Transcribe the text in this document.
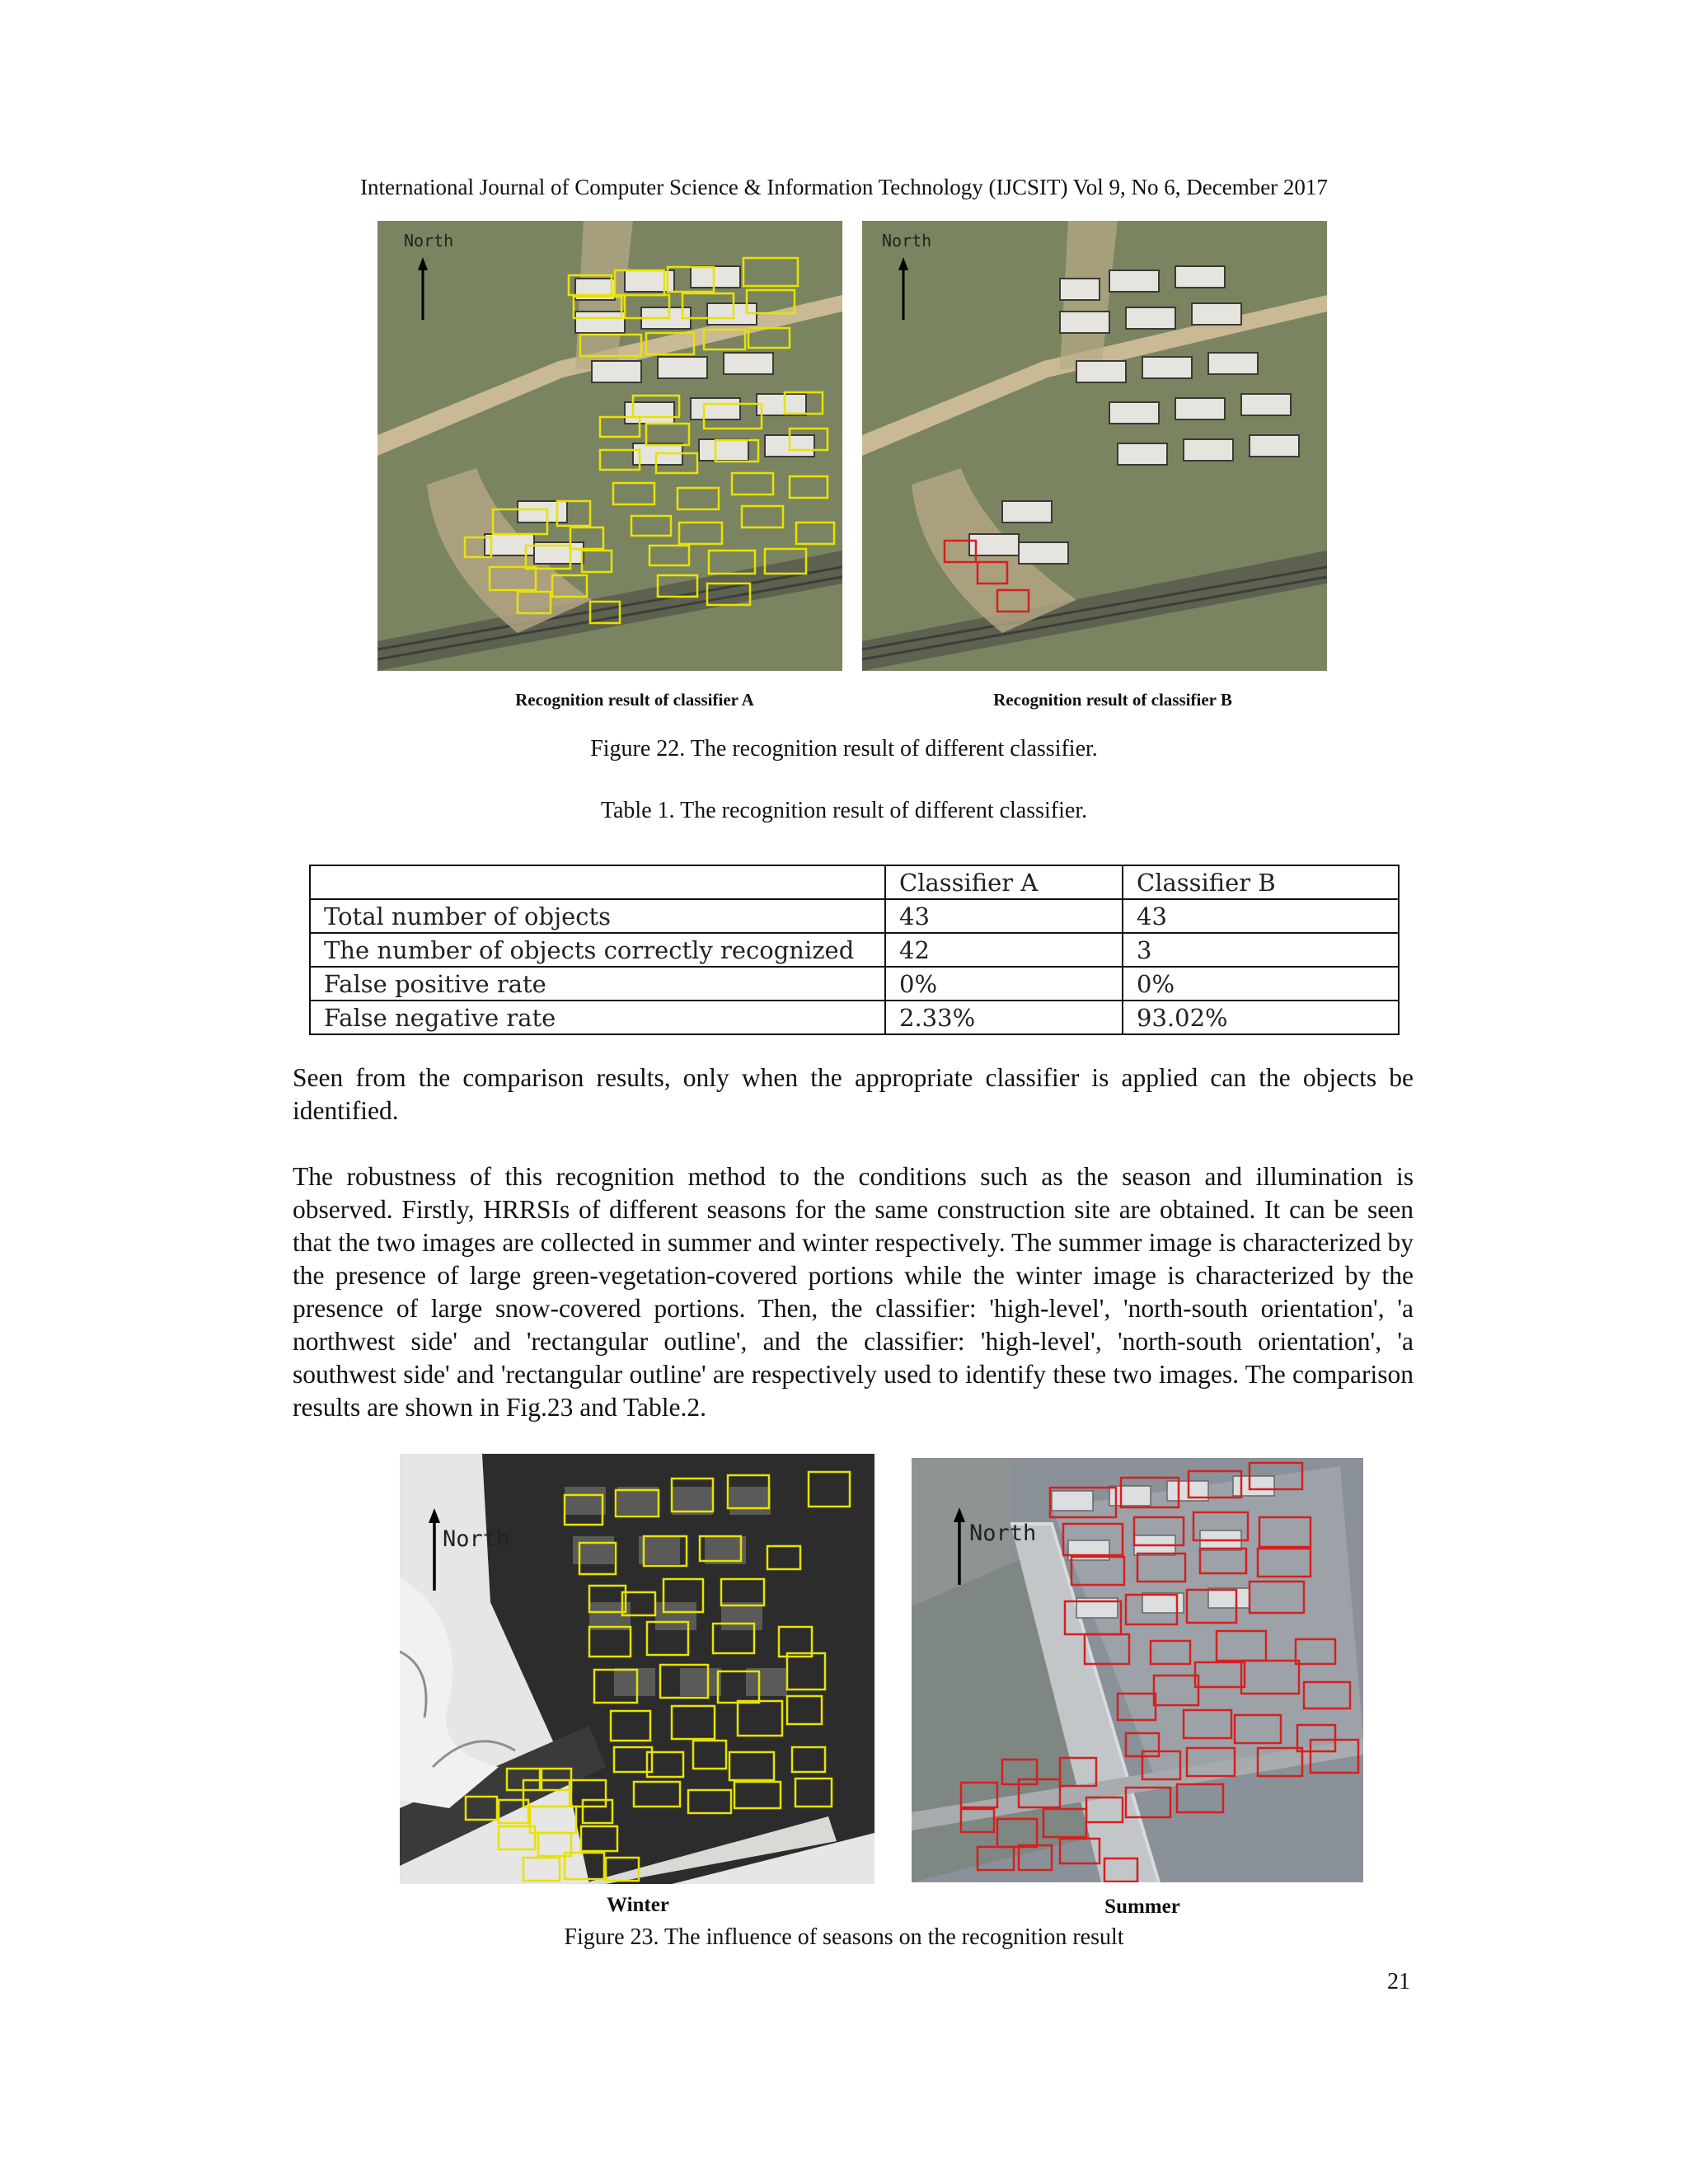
International Journal of Computer Science & Information Technology (IJCSIT) Vol 9, No 6, December 2017
North	North
Recognition result of classifier A	Recognition result of classifier B
Figure 22. The recognition result of different classifier.
Table 1. The recognition result of different classifier.
	Classifier A	Classifier B
Total number of objects	43	43
The number of objects correctly recognized	42	3
False positive rate	0%	0%
False negative rate	2.33%	93.02%
Seen from the comparison results, only when the appropriate classifier is applied can the objects be identified.
The robustness of this recognition method to the conditions such as the season and illumination is observed. Firstly, HRRSIs of different seasons for the same construction site are obtained. It can be seen that the two images are collected in summer and winter respectively. The summer image is characterized by the presence of large green-vegetation-covered portions while the winter image is characterized by the presence of large snow-covered portions. Then, the classifier: 'high-level', 'north-south orientation', 'a northwest side' and 'rectangular outline', and the classifier: 'high-level', 'north-south orientation', 'a southwest side' and 'rectangular outline' are respectively used to identify these two images. The comparison results are shown in Fig.23 and Table.2.
North	North
Winter	Summer
Figure 23. The influence of seasons on the recognition result
21
